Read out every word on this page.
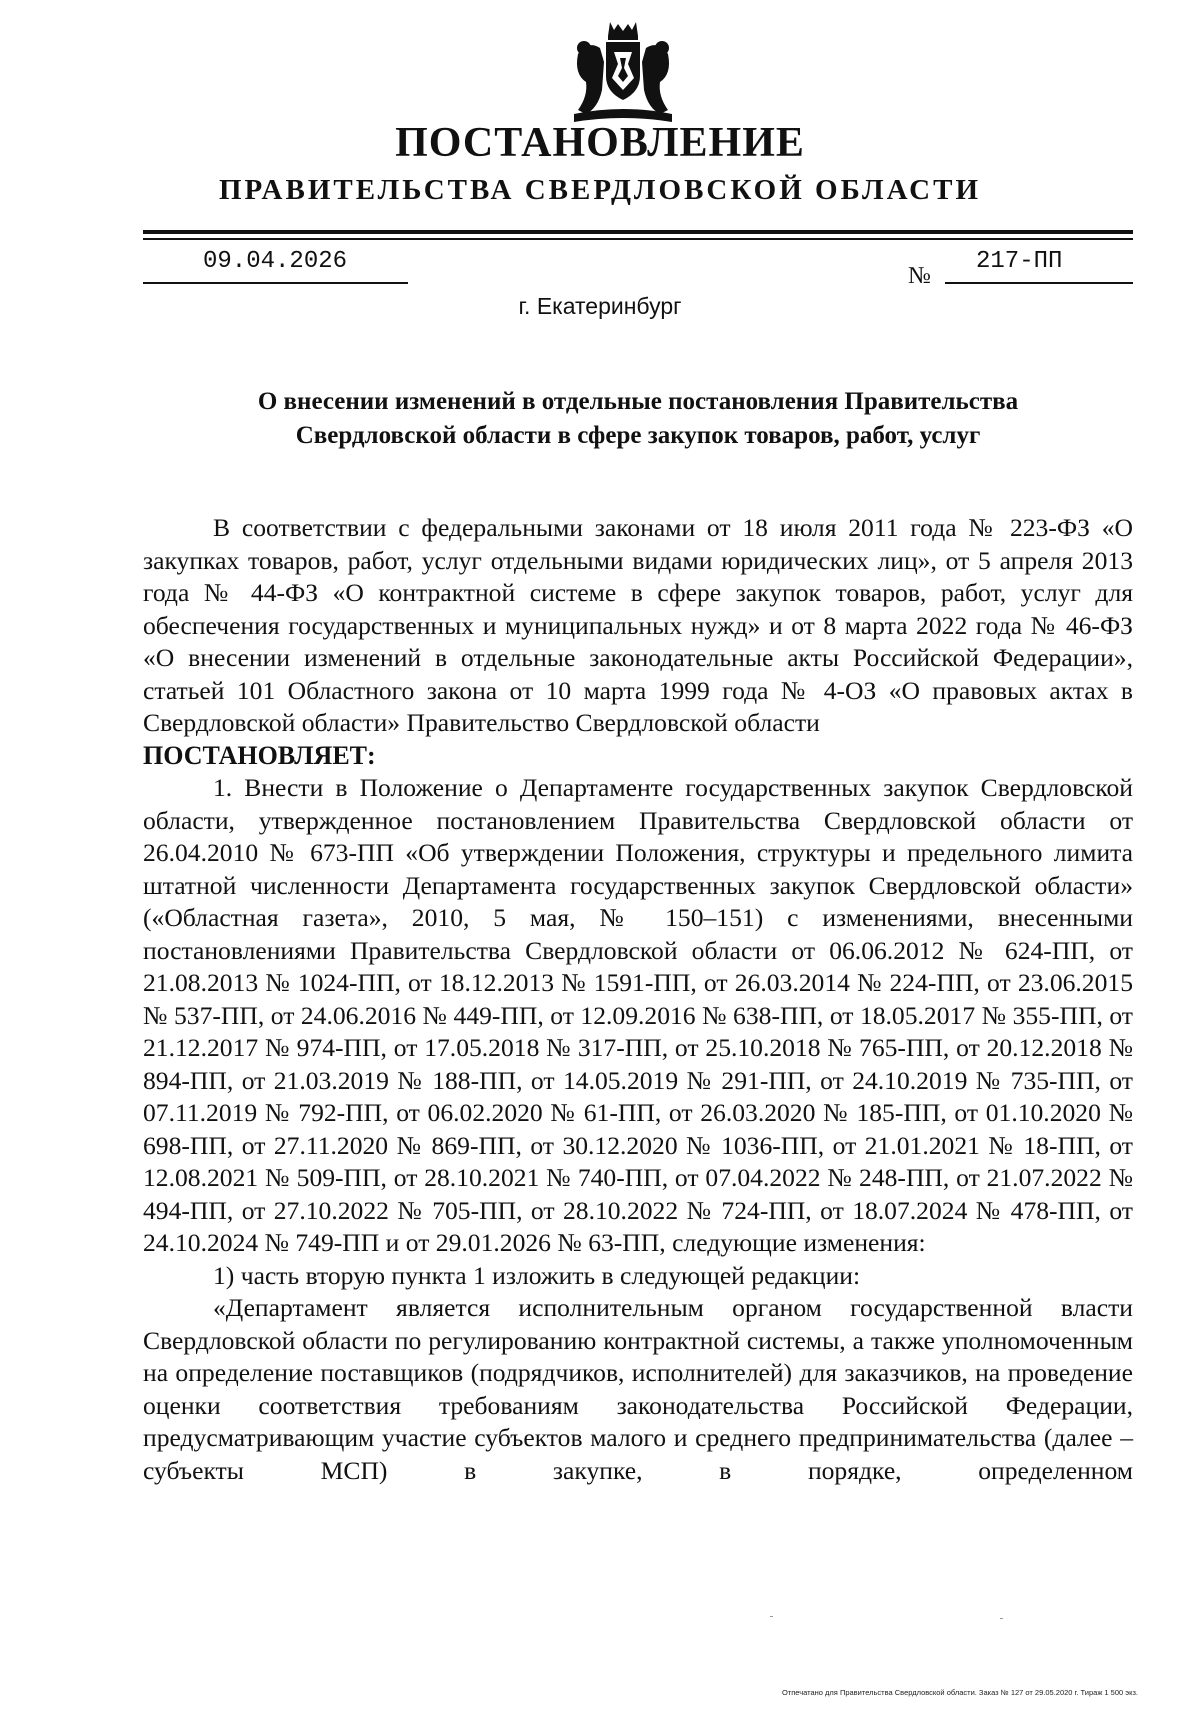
ПОСТАНОВЛЕНИЕ
ПРАВИТЕЛЬСТВА СВЕРДЛОВСКОЙ ОБЛАСТИ
09.04.2026
№
217-ПП
г. Екатеринбург
О внесении изменений в отдельные постановления Правительства
Свердловской области в сфере закупок товаров, работ, услуг

В соответствии с федеральными законами от 18 июля 2011 года № 223-ФЗ «О закупках товаров, работ, услуг отдельными видами юридических лиц», от 5 апреля 2013 года № 44-ФЗ «О контрактной системе в сфере закупок товаров, работ, услуг для обеспечения государственных и муниципальных нужд» и от 8 марта 2022 года № 46-ФЗ «О внесении изменений в отдельные законодательные акты Российской Федерации», статьей 101 Областного закона от 10 марта 1999 года № 4-ОЗ «О правовых актах в Свердловской области» Правительство Свердловской области

ПОСТАНОВЛЯЕТ:

1. Внести в Положение о Департаменте государственных закупок Свердловской области, утвержденное постановлением Правительства Свердловской области от 26.04.2010 № 673-ПП «Об утверждении Положения, структуры и предельного лимита штатной численности Департамента государственных закупок Свердловской области» («Областная газета», 2010, 5 мая, № 150–151) с изменениями, внесенными постановлениями Правительства Свердловской области от 06.06.2012 № 624-ПП, от 21.08.2013 № 1024-ПП, от 18.12.2013 № 1591-ПП, от 26.03.2014 № 224-ПП, от 23.06.2015 № 537-ПП, от 24.06.2016 № 449-ПП, от 12.09.2016 № 638-ПП, от 18.05.2017 № 355-ПП, от 21.12.2017 № 974-ПП, от 17.05.2018 № 317-ПП, от 25.10.2018 № 765-ПП, от 20.12.2018 № 894-ПП, от 21.03.2019 № 188-ПП, от 14.05.2019 № 291-ПП, от 24.10.2019 № 735-ПП, от 07.11.2019 № 792-ПП, от 06.02.2020 № 61-ПП, от 26.03.2020 № 185-ПП, от 01.10.2020 № 698-ПП, от 27.11.2020 № 869-ПП, от 30.12.2020 № 1036-ПП, от 21.01.2021 № 18-ПП, от 12.08.2021 № 509-ПП, от 28.10.2021 № 740-ПП, от 07.04.2022 № 248-ПП, от 21.07.2022 № 494-ПП, от 27.10.2022 № 705-ПП, от 28.10.2022 № 724-ПП, от 18.07.2024 № 478-ПП, от 24.10.2024 № 749-ПП и от 29.01.2026 № 63-ПП, следующие изменения:

1) часть вторую пункта 1 изложить в следующей редакции:

«Департамент является исполнительным органом государственной власти Свердловской области по регулированию контрактной системы, а также уполномоченным на определение поставщиков (подрядчиков, исполнителей) для заказчиков, на проведение оценки соответствия требованиям законодательства Российской Федерации, предусматривающим участие субъектов малого и среднего предпринимательства (далее – субъекты МСП) в закупке, в порядке, определенном

Отпечатано для Правительства Свердловской области. Заказ № 127 от 29.05.2020 г. Тираж 1 500 экз.
